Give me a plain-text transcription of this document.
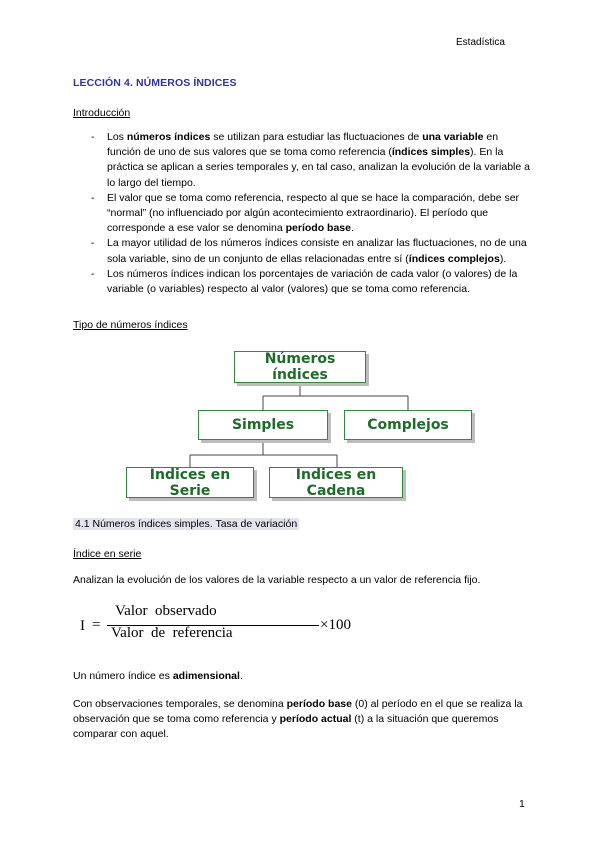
Estadística
LECCIÓN 4. NÚMEROS ÍNDICES
Introducción
- Los números índices se utilizan para estudiar las fluctuaciones de una variable en función de uno de sus valores que se toma como referencia (índices simples). En la práctica se aplican a series temporales y, en tal caso, analizan la evolución de la variable a lo largo del tiempo.
- El valor que se toma como referencia, respecto al que se hace la comparación, debe ser “normal” (no influenciado por algún acontecimiento extraordinario). El período que corresponde a ese valor se denomina período base.
- La mayor utilidad de los números índices consiste en analizar las fluctuaciones, no de una sola variable, sino de un conjunto de ellas relacionadas entre sí (índices complejos).
- Los números índices indican los porcentajes de variación de cada valor (o valores) de la variable (o variables) respecto al valor (valores) que se toma como referencia.
Tipo de números índices
Números índices
Simples	Complejos
Indices en Serie
Indices en Cadena
4.1 Números índices simples. Tasa de variación
Índice en serie
Analizan la evolución de los valores de la variable respecto a un valor de referencia fijo.
I =
Valor  observado
Valor  de  referencia	×100
Un número índice es adimensional.
Con observaciones temporales, se denomina período base (0) al período en el que se realiza la observación que se toma como referencia y período actual (t) a la situación que queremos comparar con aquel.
1
